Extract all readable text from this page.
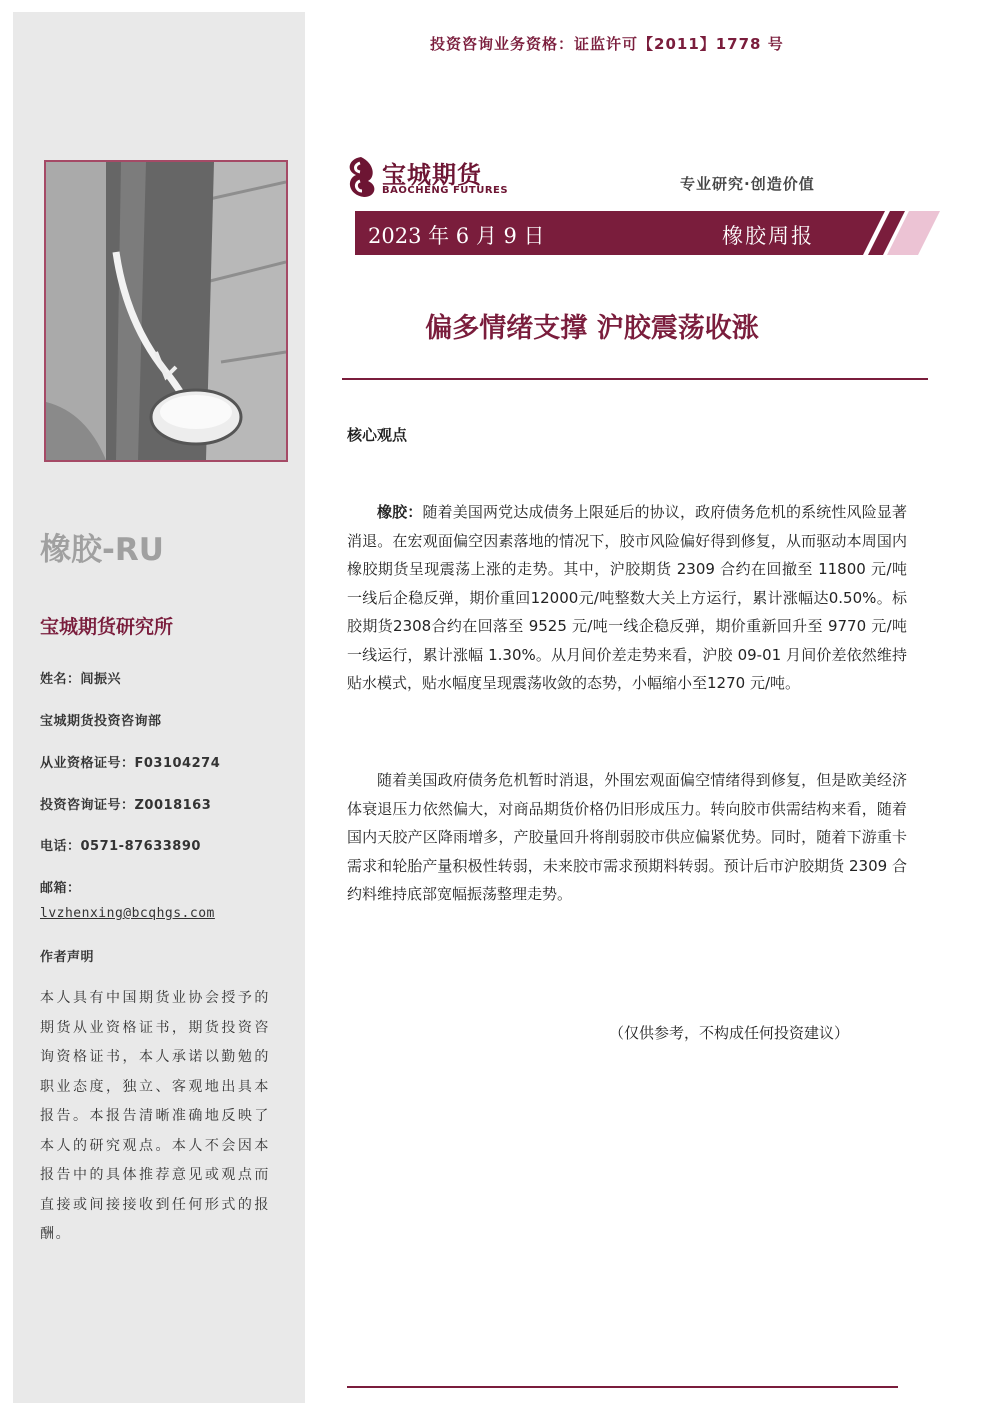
投资咨询业务资格：证监许可【2011】1778 号
宝城期货
BAOCHENG FUTURES	专业研究·创造价值
2023 年 6 月 9 日	橡胶周报
偏多情绪支撑 沪胶震荡收涨
核心观点

橡胶：随着美国两党达成债务上限延后的协议，政府债务危机的系统性风险显著消退。在宏观面偏空因素落地的情况下，胶市风险偏好得到修复，从而驱动本周国内橡胶期货呈现震荡上涨的走势。其中，沪胶期货 2309 合约在回撤至 11800 元/吨一线后企稳反弹，期价重回12000元/吨整数大关上方运行，累计涨幅达0.50%。标胶期货2308合约在回落至 9525 元/吨一线企稳反弹，期价重新回升至 9770 元/吨一线运行，累计涨幅 1.30%。从月间价差走势来看，沪胶 09-01 月间价差依然维持贴水模式，贴水幅度呈现震荡收敛的态势，小幅缩小至1270 元/吨。

随着美国政府债务危机暂时消退，外围宏观面偏空情绪得到修复，但是欧美经济体衰退压力依然偏大，对商品期货价格仍旧形成压力。转向胶市供需结构来看，随着国内天胶产区降雨增多，产胶量回升将削弱胶市供应偏紧优势。同时，随着下游重卡需求和轮胎产量积极性转弱，未来胶市需求预期料转弱。预计后市沪胶期货 2309 合约料维持底部宽幅振荡整理走势。

（仅供参考，不构成任何投资建议）
橡胶-RU
宝城期货研究所
姓名：闾振兴
宝城期货投资咨询部
从业资格证号：F03104274
投资咨询证号：Z0018163
电话：0571-87633890
邮箱：
lvzhenxing@bcqhgs.com
作者声明

本人具有中国期货业协会授予的期货从业资格证书，期货投资咨询资格证书，本人承诺以勤勉的职业态度，独立、客观地出具本报告。本报告清晰准确地反映了本人的研究观点。本人不会因本报告中的具体推荐意见或观点而直接或间接接收到任何形式的报酬。
